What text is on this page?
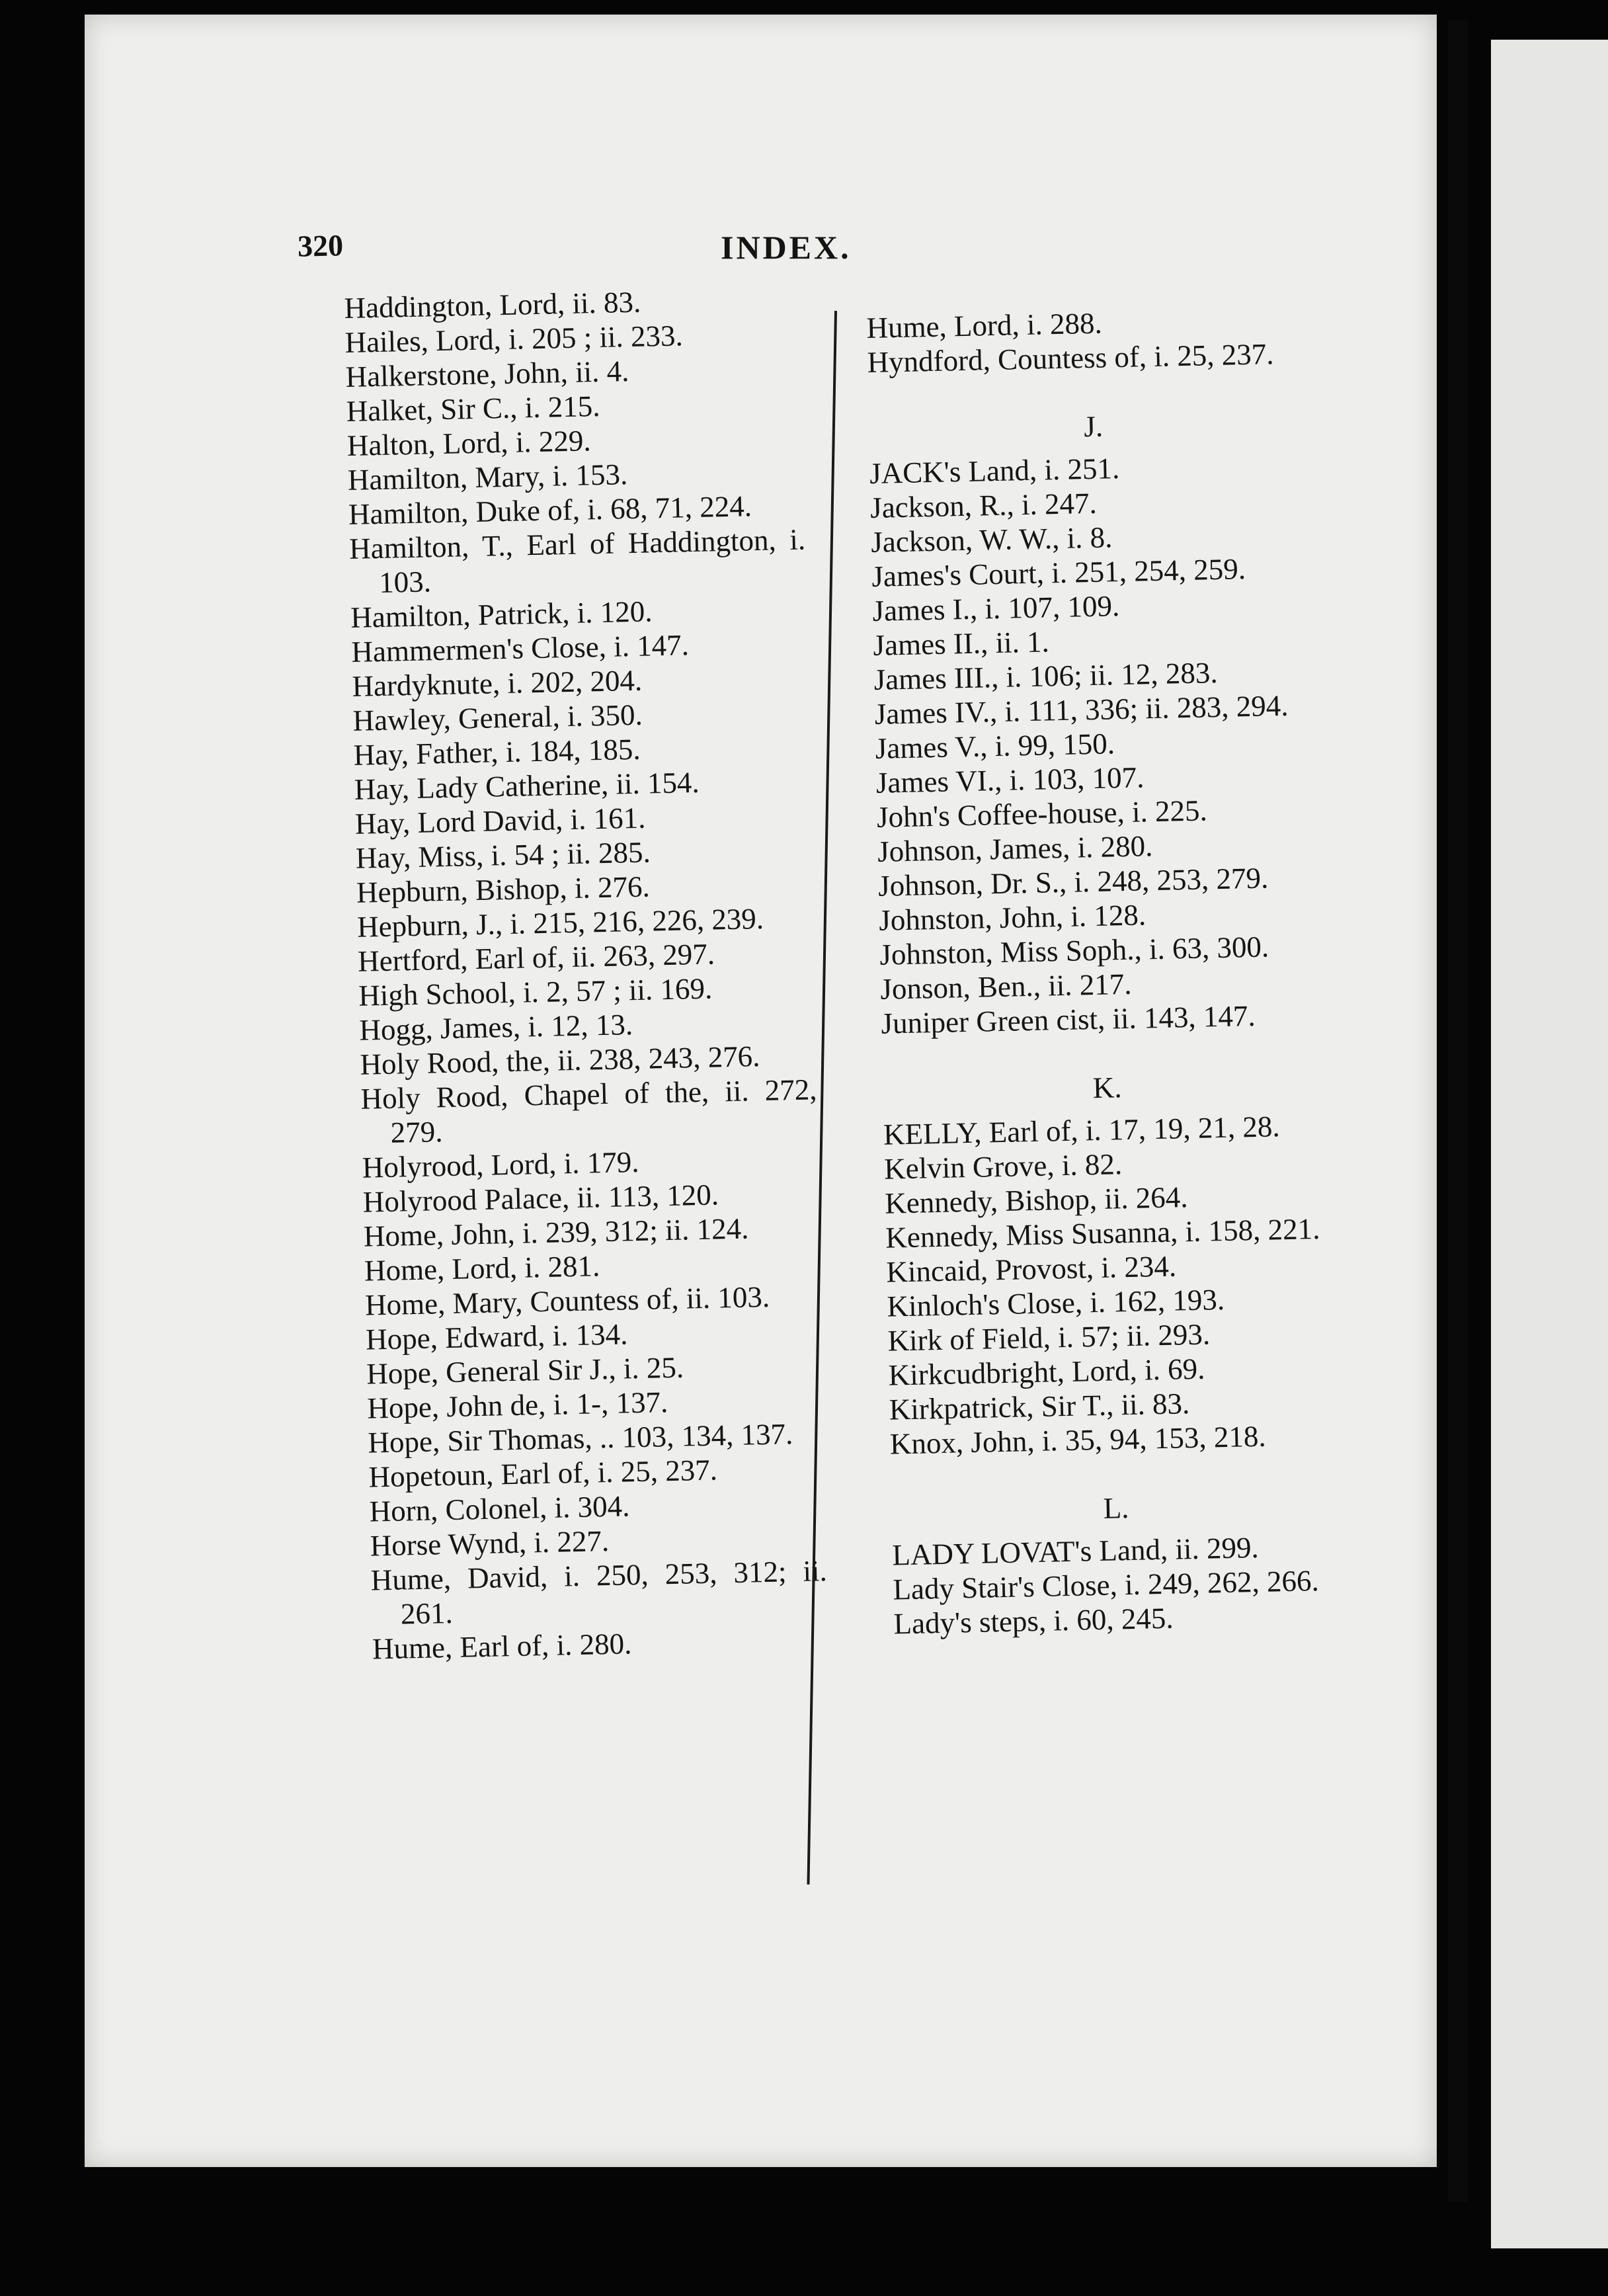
320	INDEX.
Haddington, Lord, ii. 83.
Hailes, Lord, i. 205 ; ii. 233.
Halkerstone, John, ii. 4.
Halket, Sir C., i. 215.
Halton, Lord, i. 229.
Hamilton, Mary, i. 153.
Hamilton, Duke of, i. 68, 71, 224.
Hamilton, T., Earl of Haddington, i. 103.
Hamilton, Patrick, i. 120.
Hammermen's Close, i. 147.
Hardyknute, i. 202, 204.
Hawley, General, i. 350.
Hay, Father, i. 184, 185.
Hay, Lady Catherine, ii. 154.
Hay, Lord David, i. 161.
Hay, Miss, i. 54 ; ii. 285.
Hepburn, Bishop, i. 276.
Hepburn, J., i. 215, 216, 226, 239.
Hertford, Earl of, ii. 263, 297.
High School, i. 2, 57 ; ii. 169.
Hogg, James, i. 12, 13.
Holy Rood, the, ii. 238, 243, 276.
Holy Rood, Chapel of the, ii. 272, 279.
Holyrood, Lord, i. 179.
Holyrood Palace, ii. 113, 120.
Home, John, i. 239, 312; ii. 124.
Home, Lord, i. 281.
Home, Mary, Countess of, ii. 103.
Hope, Edward, i. 134.
Hope, General Sir J., i. 25.
Hope, John de, i. 1-, 137.
Hope, Sir Thomas, .. 103, 134, 137.
Hopetoun, Earl of, i. 25, 237.
Horn, Colonel, i. 304.
Horse Wynd, i. 227.
Hume, David, i. 250, 253, 312; ii. 261.
Hume, Earl of, i. 280.
Hume, Lord, i. 288.
Hyndford, Countess of, i. 25, 237.
J.
JACK's Land, i. 251.
Jackson, R., i. 247.
Jackson, W. W., i. 8.
James's Court, i. 251, 254, 259.
James I., i. 107, 109.
James II., ii. 1.
James III., i. 106; ii. 12, 283.
James IV., i. 111, 336; ii. 283, 294.
James V., i. 99, 150.
James VI., i. 103, 107.
John's Coffee-house, i. 225.
Johnson, James, i. 280.
Johnson, Dr. S., i. 248, 253, 279.
Johnston, John, i. 128.
Johnston, Miss Soph., i. 63, 300.
Jonson, Ben., ii. 217.
Juniper Green cist, ii. 143, 147.
K.
KELLY, Earl of, i. 17, 19, 21, 28.
Kelvin Grove, i. 82.
Kennedy, Bishop, ii. 264.
Kennedy, Miss Susanna, i. 158, 221.
Kincaid, Provost, i. 234.
Kinloch's Close, i. 162, 193.
Kirk of Field, i. 57; ii. 293.
Kirkcudbright, Lord, i. 69.
Kirkpatrick, Sir T., ii. 83.
Knox, John, i. 35, 94, 153, 218.
L.
LADY LOVAT's Land, ii. 299.
Lady Stair's Close, i. 249, 262, 266.
Lady's steps, i. 60, 245.
